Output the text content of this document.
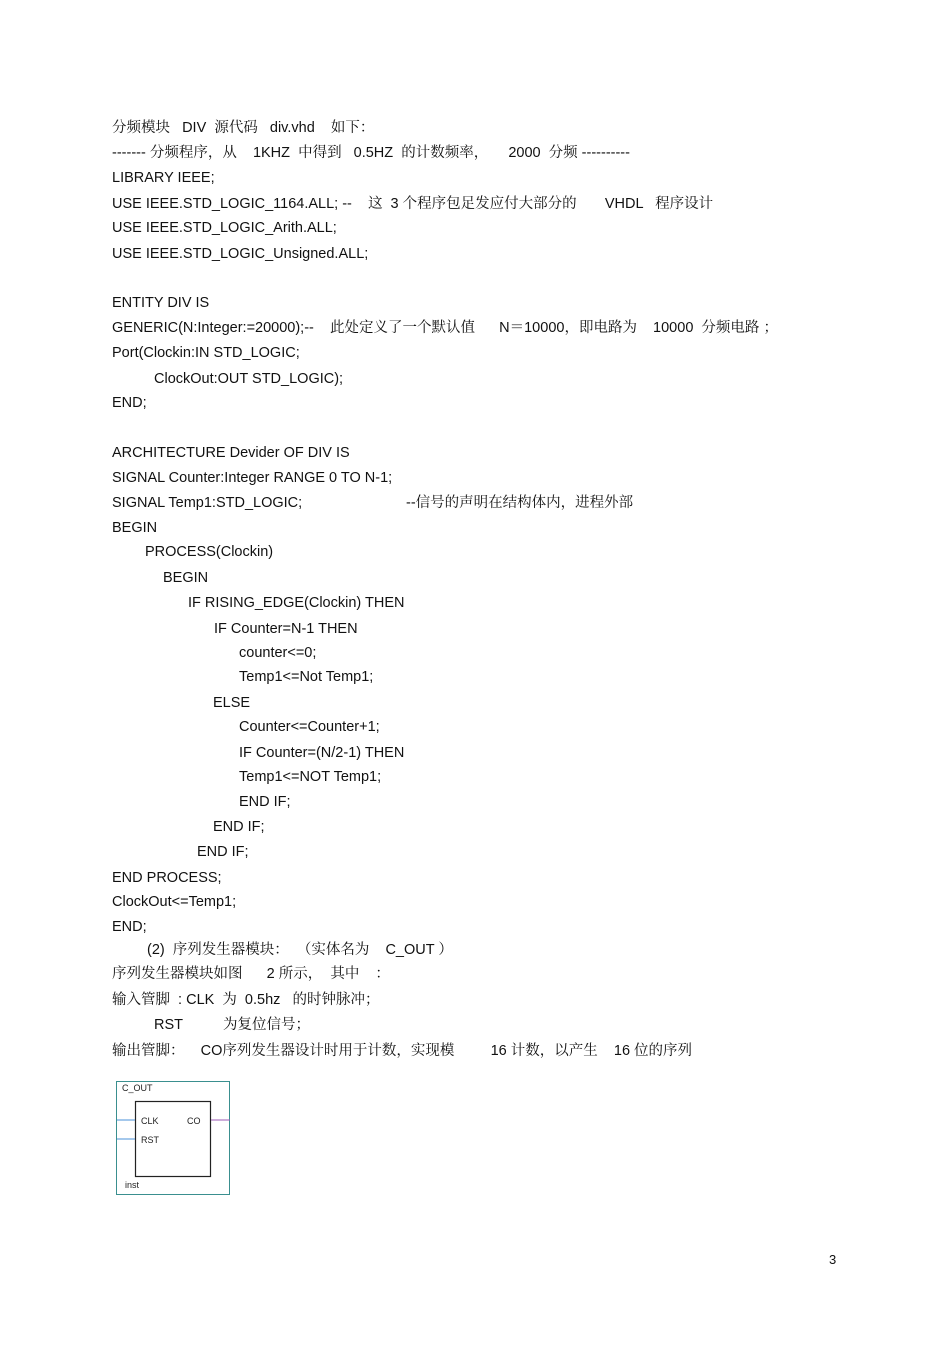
分频模块   DIV  源代码   div.vhd    如下：
------- 分频程序，从    1KHZ  中得到   0.5HZ  的计数频率，     2000  分频 ----------
LIBRARY IEEE;
USE IEEE.STD_LOGIC_1164.ALL; --    这  3 个程序包足发应付大部分的       VHDL   程序设计
USE IEEE.STD_LOGIC_Arith.ALL;
USE IEEE.STD_LOGIC_Unsigned.ALL;
ENTITY DIV IS
GENERIC(N:Integer:=20000);--    此处定义了一个默认值      N＝10000，即电路为    10000  分频电路 ；
Port(Clockin:IN STD_LOGIC;
ClockOut:OUT STD_LOGIC);
END;
ARCHITECTURE Devider OF DIV IS
SIGNAL Counter:Integer RANGE 0 TO N-1;
SIGNAL Temp1:STD_LOGIC;	--信号的声明在结构体内，进程外部
BEGIN
PROCESS(Clockin)
BEGIN
IF RISING_EDGE(Clockin) THEN
IF Counter=N-1 THEN
counter<=0;
Temp1<=Not Temp1;
ELSE
Counter<=Counter+1;
IF Counter=(N/2-1) THEN
Temp1<=NOT Temp1;
END IF;
END IF;
END IF;
END PROCESS;
ClockOut<=Temp1;
END;
(2)  序列发生器模块：  （实体名为    C_OUT ）
序列发生器模块如图      2 所示，  其中    ：
输入管脚  : CLK  为  0.5hz   的时钟脉冲；
RST          为复位信号；
输出管脚：    CO序列发生器设计时用于计数，实现模         16 计数，以产生    16 位的序列
C_OUT
CLK
RST
CO
inst
3
